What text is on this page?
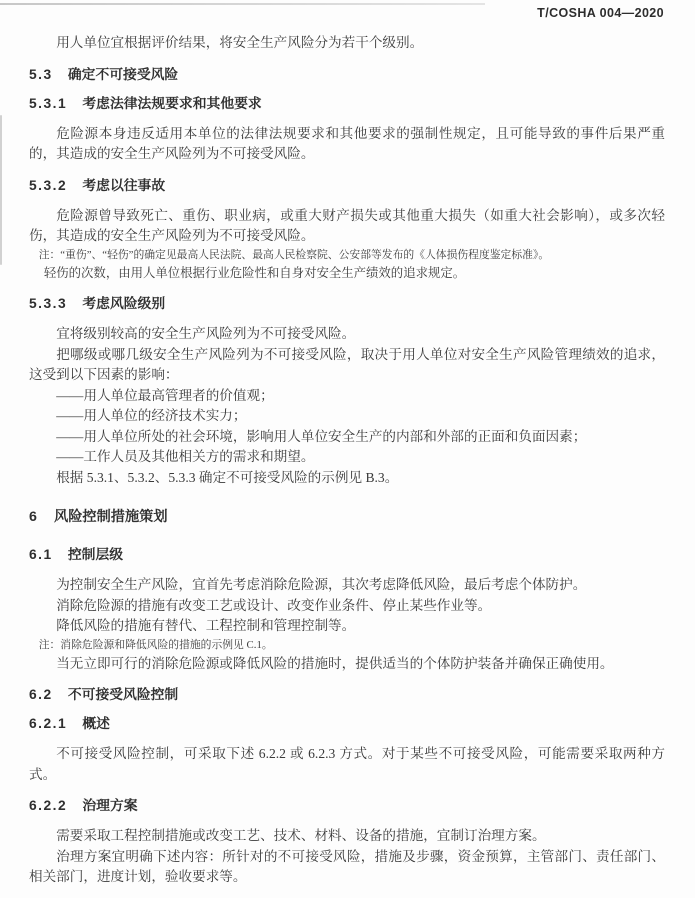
T/COSHA 004—2020

用人单位宜根据评价结果，将安全生产风险分为若干个级别。

5.3 确定不可接受风险
5.3.1 考虑法律法规要求和其他要求

危险源本身违反适用本单位的法律法规要求和其他要求的强制性规定，且可能导致的事件后果严重的，其造成的安全生产风险列为不可接受风险。

5.3.2 考虑以往事故

危险源曾导致死亡、重伤、职业病，或重大财产损失或其他重大损失（如重大社会影响），或多次轻伤，其造成的安全生产风险列为不可接受风险。

注：“重伤”、“轻伤”的确定见最高人民法院、最高人民检察院、公安部等发布的《人体损伤程度鉴定标准》。

轻伤的次数，由用人单位根据行业危险性和自身对安全生产绩效的追求规定。

5.3.3 考虑风险级别

宜将级别较高的安全生产风险列为不可接受风险。

把哪级或哪几级安全生产风险列为不可接受风险，取决于用人单位对安全生产风险管理绩效的追求，这受到以下因素的影响：

——用人单位最高管理者的价值观；

——用人单位的经济技术实力；

——用人单位所处的社会环境，影响用人单位安全生产的内部和外部的正面和负面因素；

——工作人员及其他相关方的需求和期望。

根据 5.3.1、5.3.2、5.3.3 确定不可接受风险的示例见 B.3。

6 风险控制措施策划
6.1 控制层级

为控制安全生产风险，宜首先考虑消除危险源，其次考虑降低风险，最后考虑个体防护。

消除危险源的措施有改变工艺或设计、改变作业条件、停止某些作业等。

降低风险的措施有替代、工程控制和管理控制等。

注：消除危险源和降低风险的措施的示例见 C.1。

当无立即可行的消除危险源或降低风险的措施时，提供适当的个体防护装备并确保正确使用。

6.2 不可接受风险控制
6.2.1 概述

不可接受风险控制，可采取下述 6.2.2 或 6.2.3 方式。对于某些不可接受风险，可能需要采取两种方式。

6.2.2 治理方案

需要采取工程控制措施或改变工艺、技术、材料、设备的措施，宜制订治理方案。

治理方案宜明确下述内容：所针对的不可接受风险，措施及步骤，资金预算，主管部门、责任部门、相关部门，进度计划，验收要求等。
